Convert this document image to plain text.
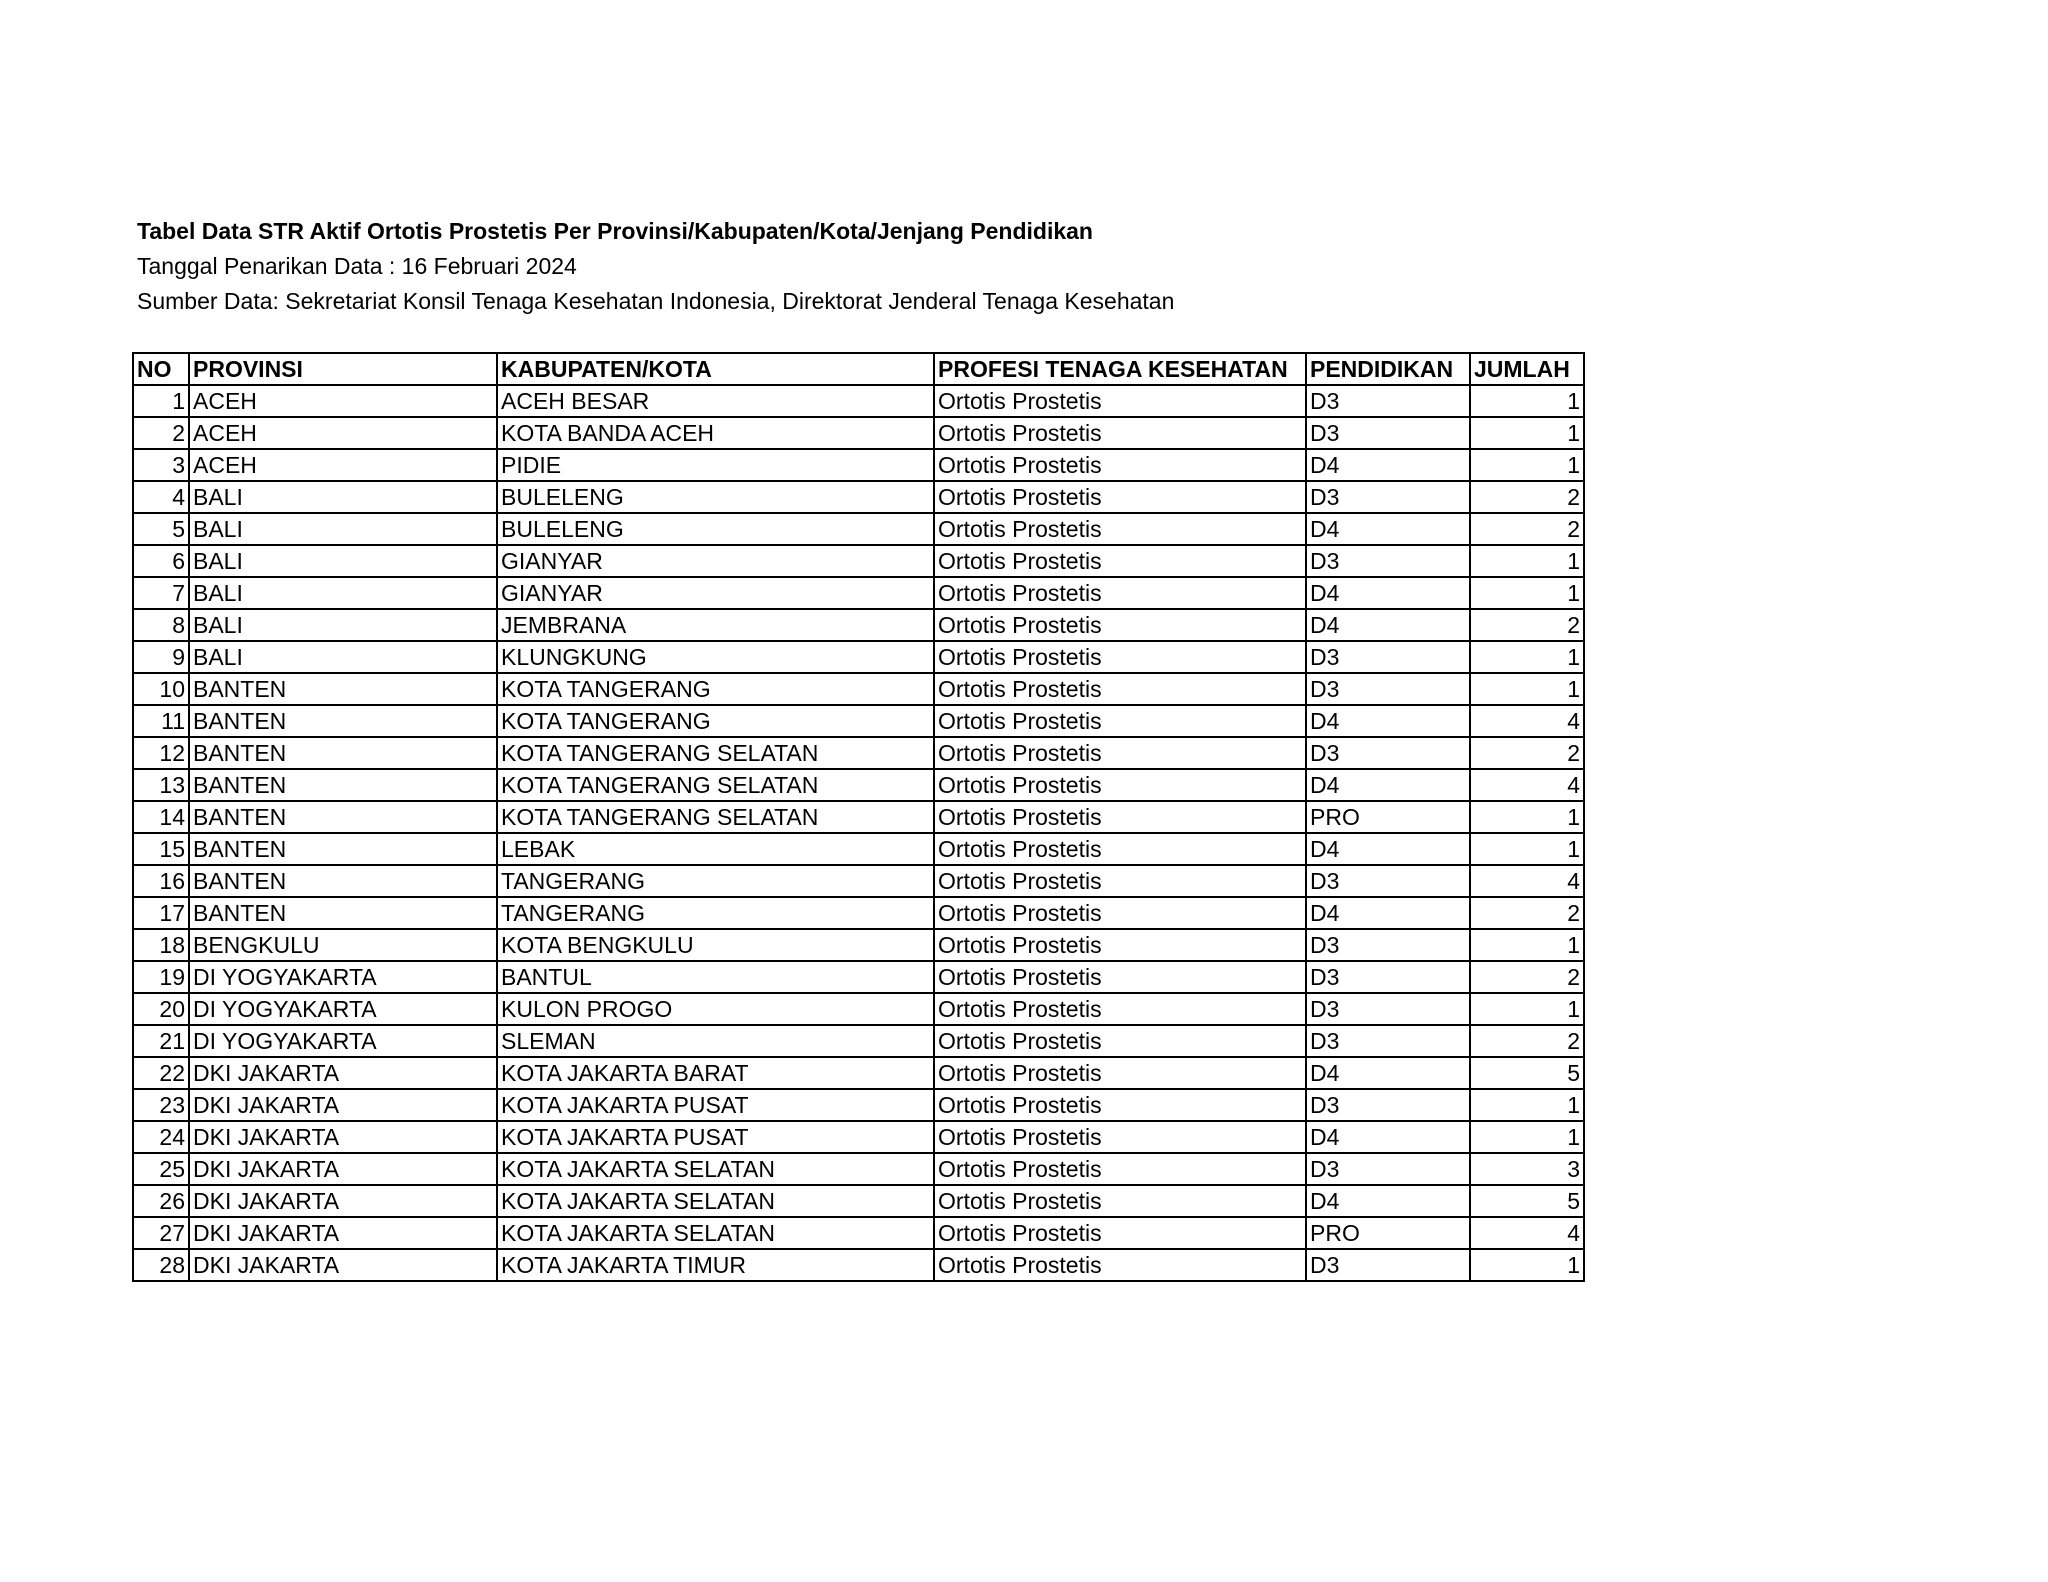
Tabel Data STR Aktif Ortotis Prostetis Per Provinsi/Kabupaten/Kota/Jenjang Pendidikan
Tanggal Penarikan Data : 16 Februari 2024
Sumber Data: Sekretariat Konsil Tenaga Kesehatan Indonesia, Direktorat Jenderal Tenaga Kesehatan
NO	PROVINSI	KABUPATEN/KOTA	PROFESI TENAGA KESEHATAN	PENDIDIKAN	JUMLAH
1	ACEH	ACEH BESAR	Ortotis Prostetis	D3	1
2	ACEH	KOTA BANDA ACEH	Ortotis Prostetis	D3	1
3	ACEH	PIDIE	Ortotis Prostetis	D4	1
4	BALI	BULELENG	Ortotis Prostetis	D3	2
5	BALI	BULELENG	Ortotis Prostetis	D4	2
6	BALI	GIANYAR	Ortotis Prostetis	D3	1
7	BALI	GIANYAR	Ortotis Prostetis	D4	1
8	BALI	JEMBRANA	Ortotis Prostetis	D4	2
9	BALI	KLUNGKUNG	Ortotis Prostetis	D3	1
10	BANTEN	KOTA TANGERANG	Ortotis Prostetis	D3	1
11	BANTEN	KOTA TANGERANG	Ortotis Prostetis	D4	4
12	BANTEN	KOTA TANGERANG SELATAN	Ortotis Prostetis	D3	2
13	BANTEN	KOTA TANGERANG SELATAN	Ortotis Prostetis	D4	4
14	BANTEN	KOTA TANGERANG SELATAN	Ortotis Prostetis	PRO	1
15	BANTEN	LEBAK	Ortotis Prostetis	D4	1
16	BANTEN	TANGERANG	Ortotis Prostetis	D3	4
17	BANTEN	TANGERANG	Ortotis Prostetis	D4	2
18	BENGKULU	KOTA BENGKULU	Ortotis Prostetis	D3	1
19	DI YOGYAKARTA	BANTUL	Ortotis Prostetis	D3	2
20	DI YOGYAKARTA	KULON PROGO	Ortotis Prostetis	D3	1
21	DI YOGYAKARTA	SLEMAN	Ortotis Prostetis	D3	2
22	DKI JAKARTA	KOTA JAKARTA BARAT	Ortotis Prostetis	D4	5
23	DKI JAKARTA	KOTA JAKARTA PUSAT	Ortotis Prostetis	D3	1
24	DKI JAKARTA	KOTA JAKARTA PUSAT	Ortotis Prostetis	D4	1
25	DKI JAKARTA	KOTA JAKARTA SELATAN	Ortotis Prostetis	D3	3
26	DKI JAKARTA	KOTA JAKARTA SELATAN	Ortotis Prostetis	D4	5
27	DKI JAKARTA	KOTA JAKARTA SELATAN	Ortotis Prostetis	PRO	4
28	DKI JAKARTA	KOTA JAKARTA TIMUR	Ortotis Prostetis	D3	1
